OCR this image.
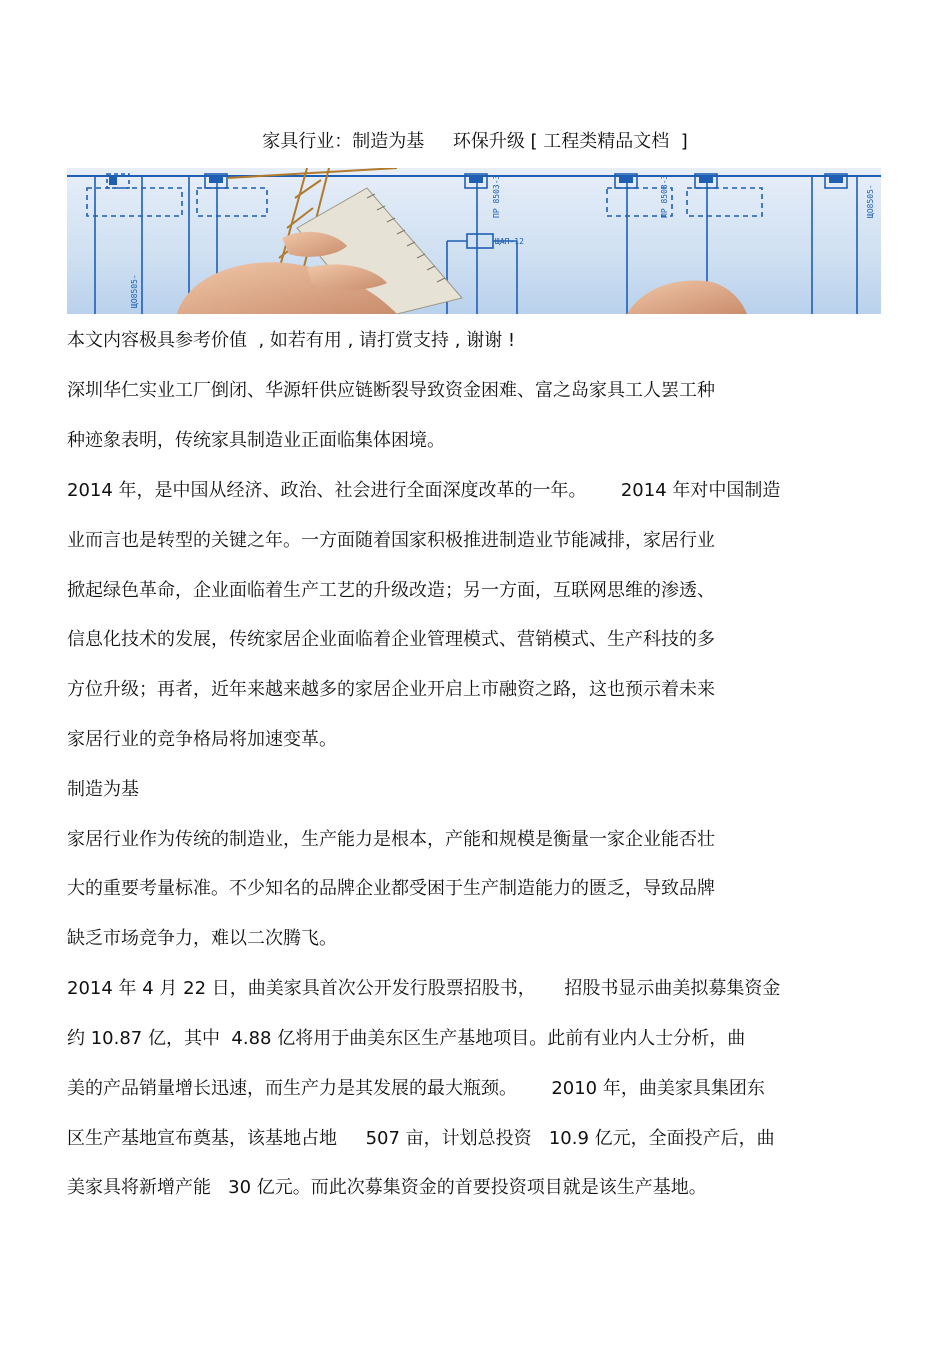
家具行业：制造为基     环保升级 [ 工程类精品文档  ]
ЩО8505-
ПР 8503-3	ПР 8503-3	ЩО8505-
ЩАП-12
本文内容极具参考价值  , 如若有用 , 请打赏支持 , 谢谢 !
深圳华仁实业工厂倒闭、华源轩供应链断裂导致资金困难、富之岛家具工人罢工种
种迹象表明，传统家具制造业正面临集体困境。
2014 年，是中国从经济、政治、社会进行全面深度改革的一年。      2014 年对中国制造
业而言也是转型的关键之年。一方面随着国家积极推进制造业节能减排，家居行业
掀起绿色革命，企业面临着生产工艺的升级改造；另一方面，互联网思维的渗透、
信息化技术的发展，传统家居企业面临着企业管理模式、营销模式、生产科技的多
方位升级；再者，近年来越来越多的家居企业开启上市融资之路，这也预示着未来
家居行业的竞争格局将加速变革。
制造为基
家居行业作为传统的制造业，生产能力是根本，产能和规模是衡量一家企业能否壮
大的重要考量标准。不少知名的品牌企业都受困于生产制造能力的匮乏，导致品牌
缺乏市场竞争力，难以二次腾飞。
2014 年 4 月 22 日，曲美家具首次公开发行股票招股书，     招股书显示曲美拟募集资金
约 10.87 亿，其中  4.88 亿将用于曲美东区生产基地项目。此前有业内人士分析，曲
美的产品销量增长迅速，而生产力是其发展的最大瓶颈。      2010 年，曲美家具集团东
区生产基地宣布奠基，该基地占地     507 亩，计划总投资   10.9 亿元，全面投产后，曲
美家具将新增产能   30 亿元。而此次募集资金的首要投资项目就是该生产基地。
